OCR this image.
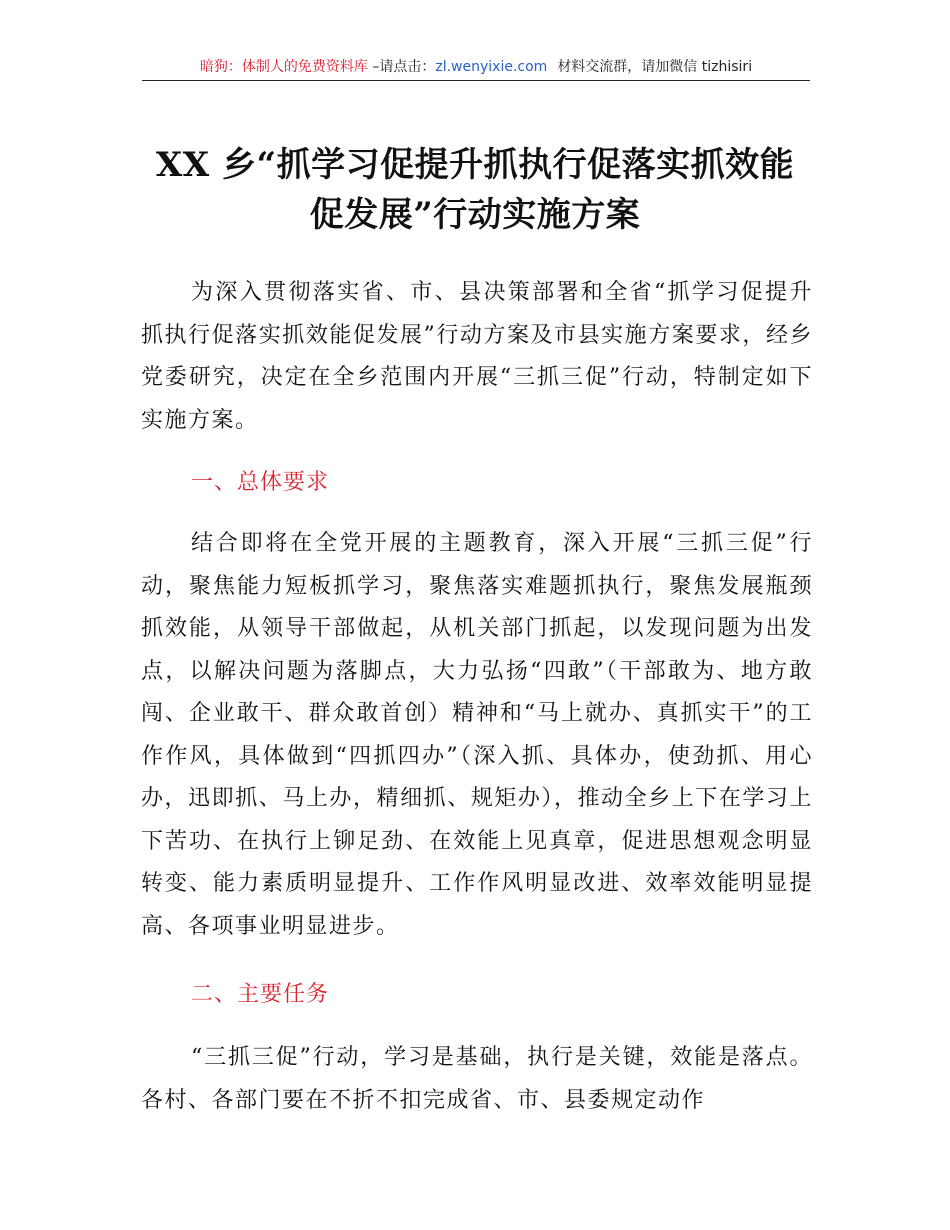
暗狗：体制人的免费资料库 –请点击：zl.wenyixie.com 材料交流群，请加微信 tizhisiri
XX 乡“抓学习促提升抓执行促落实抓效能促发展”行动实施方案

为深入贯彻落实省、市、县决策部署和全省“抓学习促提升抓执行促落实抓效能促发展”行动方案及市县实施方案要求，经乡党委研究，决定在全乡范围内开展“三抓三促”行动，特制定如下实施方案。

一、总体要求

结合即将在全党开展的主题教育，深入开展“三抓三促”行动，聚焦能力短板抓学习，聚焦落实难题抓执行，聚焦发展瓶颈抓效能，从领导干部做起，从机关部门抓起，以发现问题为出发点，以解决问题为落脚点，大力弘扬“四敢”（干部敢为、地方敢闯、企业敢干、群众敢首创）精神和“马上就办、真抓实干”的工作作风，具体做到“四抓四办”（深入抓、具体办，使劲抓、用心办，迅即抓、马上办，精细抓、规矩办），推动全乡上下在学习上下苦功、在执行上铆足劲、在效能上见真章，促进思想观念明显转变、能力素质明显提升、工作作风明显改进、效率效能明显提高、各项事业明显进步。

二、主要任务

“三抓三促”行动，学习是基础，执行是关键，效能是落点。各村、各部门要在不折不扣完成省、市、县委规定动作
